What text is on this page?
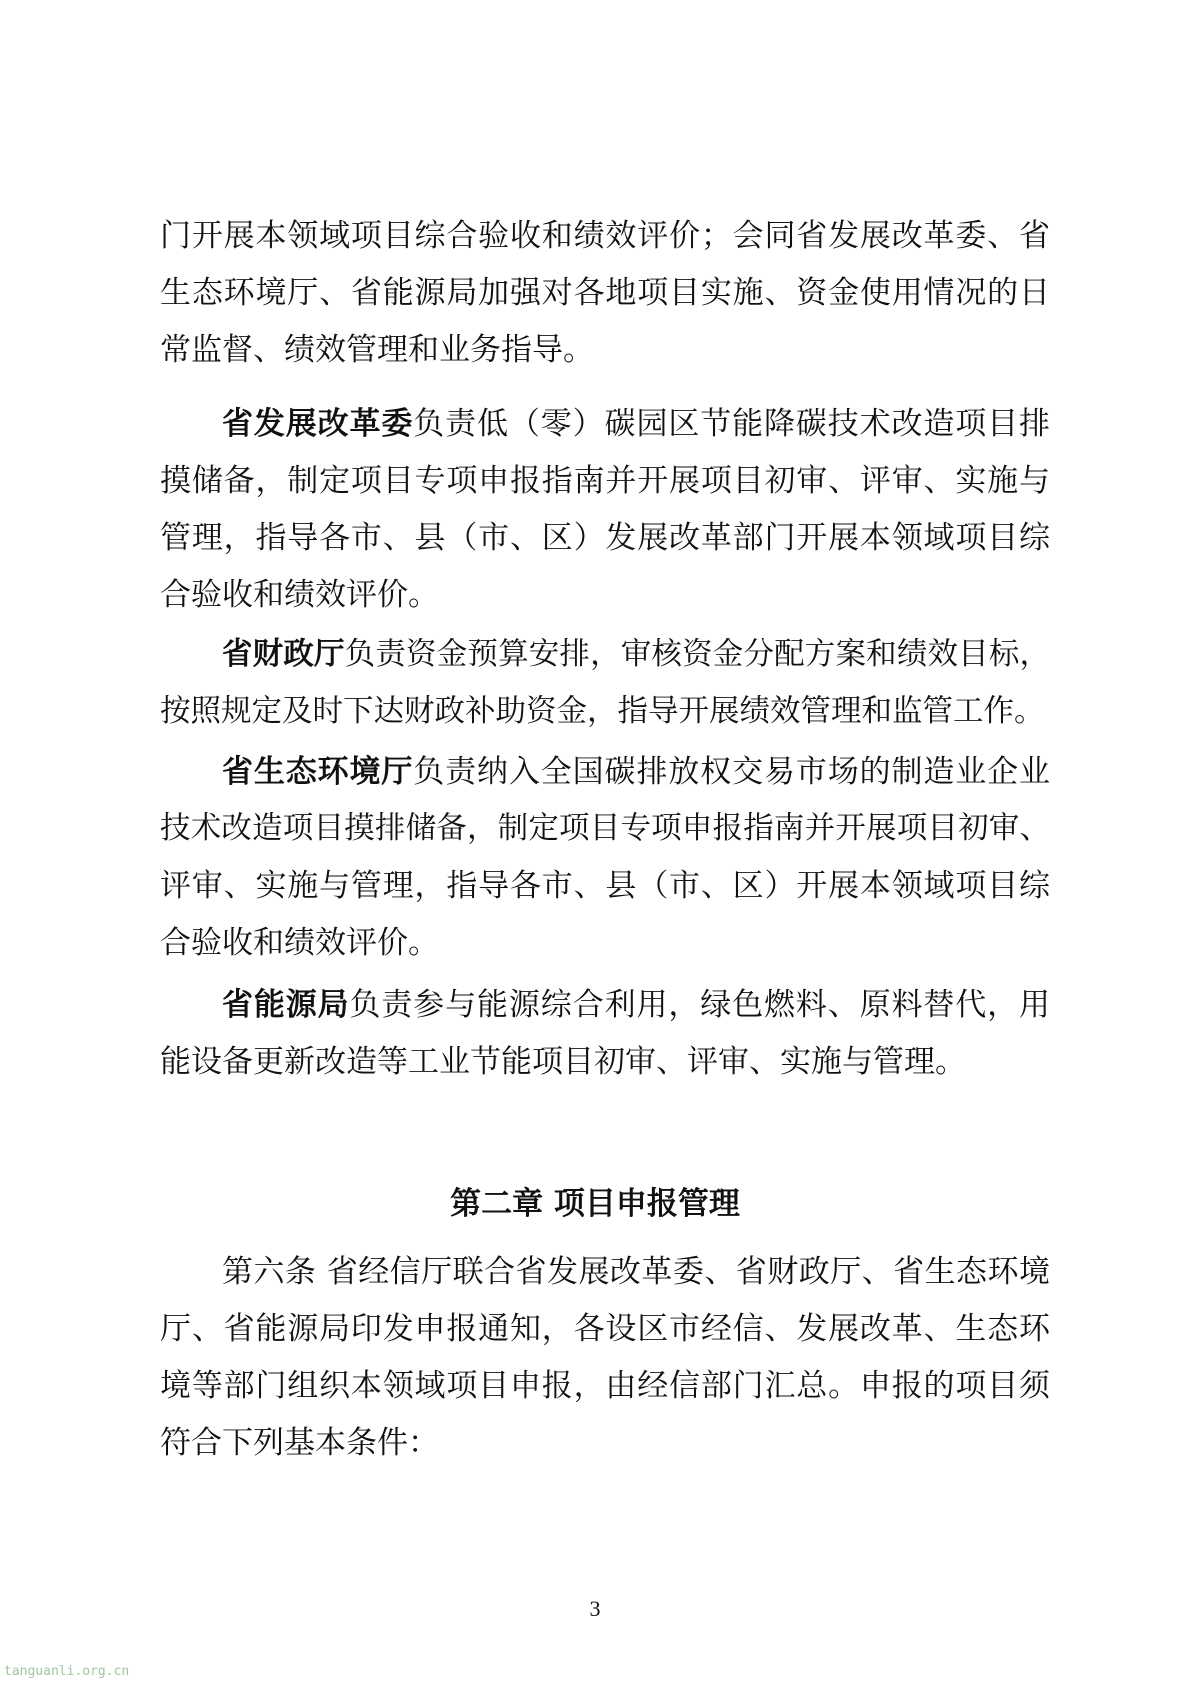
门开展本领域项目综合验收和绩效评价；会同省发展改革委、省
生态环境厅、省能源局加强对各地项目实施、资金使用情况的日
常监督、绩效管理和业务指导。
省发展改革委负责低（零）碳园区节能降碳技术改造项目排
摸储备，制定项目专项申报指南并开展项目初审、评审、实施与
管理，指导各市、县（市、区）发展改革部门开展本领域项目综
合验收和绩效评价。
省财政厅负责资金预算安排，审核资金分配方案和绩效目标，
按照规定及时下达财政补助资金，指导开展绩效管理和监管工作。
省生态环境厅负责纳入全国碳排放权交易市场的制造业企业
技术改造项目摸排储备，制定项目专项申报指南并开展项目初审、
评审、实施与管理，指导各市、县（市、区）开展本领域项目综
合验收和绩效评价。
省能源局负责参与能源综合利用，绿色燃料、原料替代，用
能设备更新改造等工业节能项目初审、评审、实施与管理。
第二章 项目申报管理
第六条 省经信厅联合省发展改革委、省财政厅、省生态环境
厅、省能源局印发申报通知，各设区市经信、发展改革、生态环
境等部门组织本领域项目申报，由经信部门汇总。申报的项目须
符合下列基本条件：
3
tanguanli.org.cn
